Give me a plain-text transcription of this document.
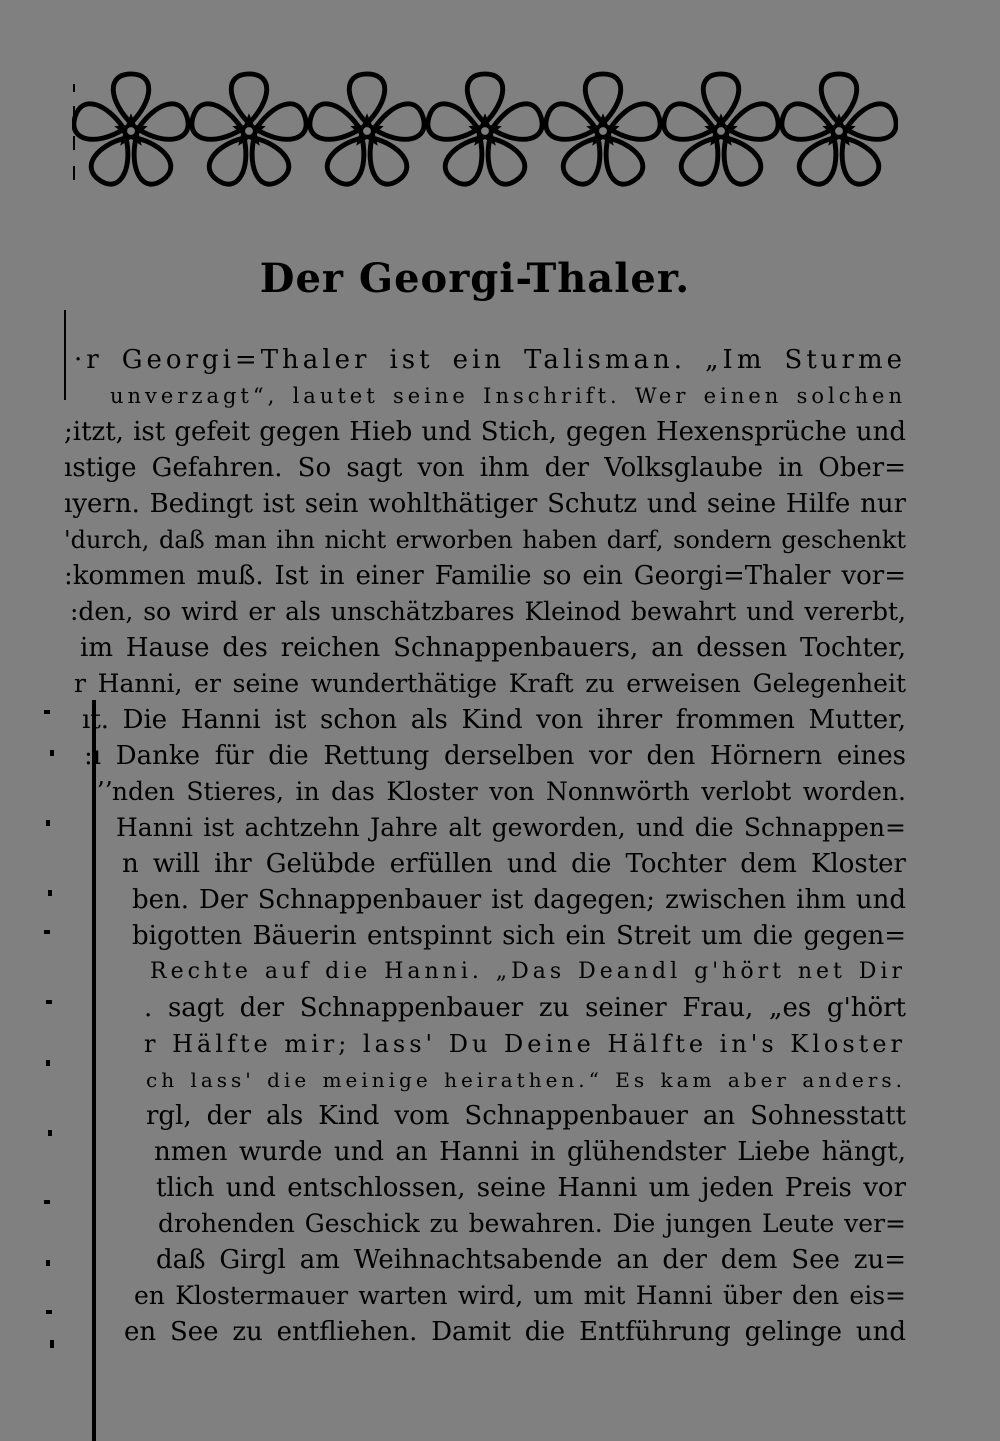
Der Georgi-Thaler.
·r Georgi=Thaler ist ein Talisman. „Im Sturme
unverzagt“, lautet seine Inschrift. Wer einen solchen
;itzt, ist gefeit gegen Hieb und Stich, gegen Hexensprüche und
ıstige Gefahren. So sagt von ihm der Volksglaube in Ober=
ıyern. Bedingt ist sein wohlthätiger Schutz und seine Hilfe nur
'durch, daß man ihn nicht erworben haben darf, sondern geschenkt
:kommen muß. Ist in einer Familie so ein Georgi=Thaler vor=
:den, so wird er als unschätzbares Kleinod bewahrt und vererbt,
im Hause des reichen Schnappenbauers, an dessen Tochter,
r Hanni, er seine wunderthätige Kraft zu erweisen Gelegenheit
ıt. Die Hanni ist schon als Kind von ihrer frommen Mutter,
:ı Danke für die Rettung derselben vor den Hörnern eines
ʼʼnden Stieres, in das Kloster von Nonnwörth verlobt worden.
Hanni ist achtzehn Jahre alt geworden, und die Schnappen=
n will ihr Gelübde erfüllen und die Tochter dem Kloster
ben. Der Schnappenbauer ist dagegen; zwischen ihm und
bigotten Bäuerin entspinnt sich ein Streit um die gegen=
Rechte auf die Hanni. „Das Deandl g'hört net Dir
. sagt der Schnappenbauer zu seiner Frau, „es g'hört
r Hälfte mir; lass' Du Deine Hälfte in's Kloster
ch lass' die meinige heirathen.“ Es kam aber anders.
rgl, der als Kind vom Schnappenbauer an Sohnesstatt
nmen wurde und an Hanni in glühendster Liebe hängt,
tlich und entschlossen, seine Hanni um jeden Preis vor
drohenden Geschick zu bewahren. Die jungen Leute ver=
daß Girgl am Weihnachtsabende an der dem See zu=
en Klostermauer warten wird, um mit Hanni über den eis=
en See zu entfliehen. Damit die Entführung gelinge und
